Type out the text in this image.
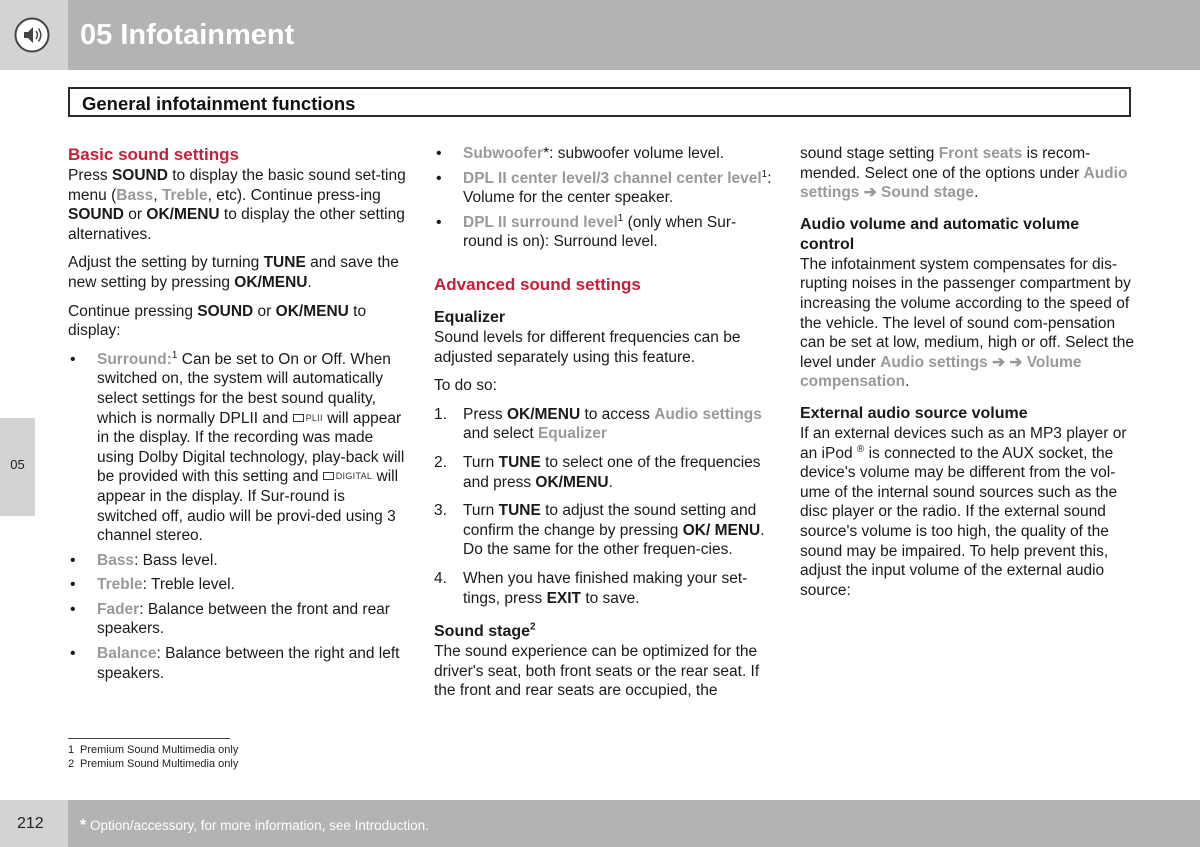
05 Infotainment
General infotainment functions
05
Basic sound settings

Press SOUND to display the basic sound set-ting menu (Bass, Treble, etc). Continue press-ing SOUND or OK/MENU to display the other setting alternatives.

Adjust the setting by turning TUNE and save the new setting by pressing OK/MENU.

Continue pressing SOUND or OK/MENU to display:

• Surround:$^1$ Can be set to On or Off. When switched on, the system will automatically select settings for the best sound quality, which is normally DPLII and PLII will appear in the display. If the recording was made using Dolby Digital technology, play-back will be provided with this setting and DIGITAL will appear in the display. If Sur-round is switched off, audio will be provi-ded using 3 channel stereo.
• Bass: Bass level.
• Treble: Treble level.
• Fader: Balance between the front and rear speakers.
• Balance: Balance between the right and left speakers.
• Subwoofer*: subwoofer volume level.
• DPL II center level/3 channel center level$^1$: Volume for the center speaker.
• DPL II surround level$^1$ (only when Sur-round is on): Surround level.
Advanced sound settings
Equalizer

Sound levels for different frequencies can be adjusted separately using this feature.

To do so:

1. Press OK/MENU to access Audio settings and select Equalizer
2. Turn TUNE to select one of the frequencies and press OK/MENU.
3. Turn TUNE to adjust the sound setting and confirm the change by pressing OK/ MENU. Do the same for the other frequen-cies.
4. When you have finished making your set-tings, press EXIT to save.
Sound stage$^2$

The sound experience can be optimized for the driver's seat, both front seats or the rear seat. If the front and rear seats are occupied, the

sound stage setting Front seats is recom-mended. Select one of the options under Audio settings ➔ Sound stage.

Audio volume and automatic volume control

The infotainment system compensates for dis-rupting noises in the passenger compartment by increasing the volume according to the speed of the vehicle. The level of sound com-pensation can be set at low, medium, high or off. Select the level under Audio settings ➔ ➔ Volume compensation.

External audio source volume

If an external devices such as an MP3 player or an iPod ® is connected to the AUX socket, the device's volume may be different from the vol-ume of the internal sound sources such as the disc player or the radio. If the external sound source's volume is too high, the quality of the sound may be impaired. To help prevent this, adjust the input volume of the external audio source:

1 Premium Sound Multimedia only
2 Premium Sound Multimedia only
212 * Option/accessory, for more information, see Introduction.
